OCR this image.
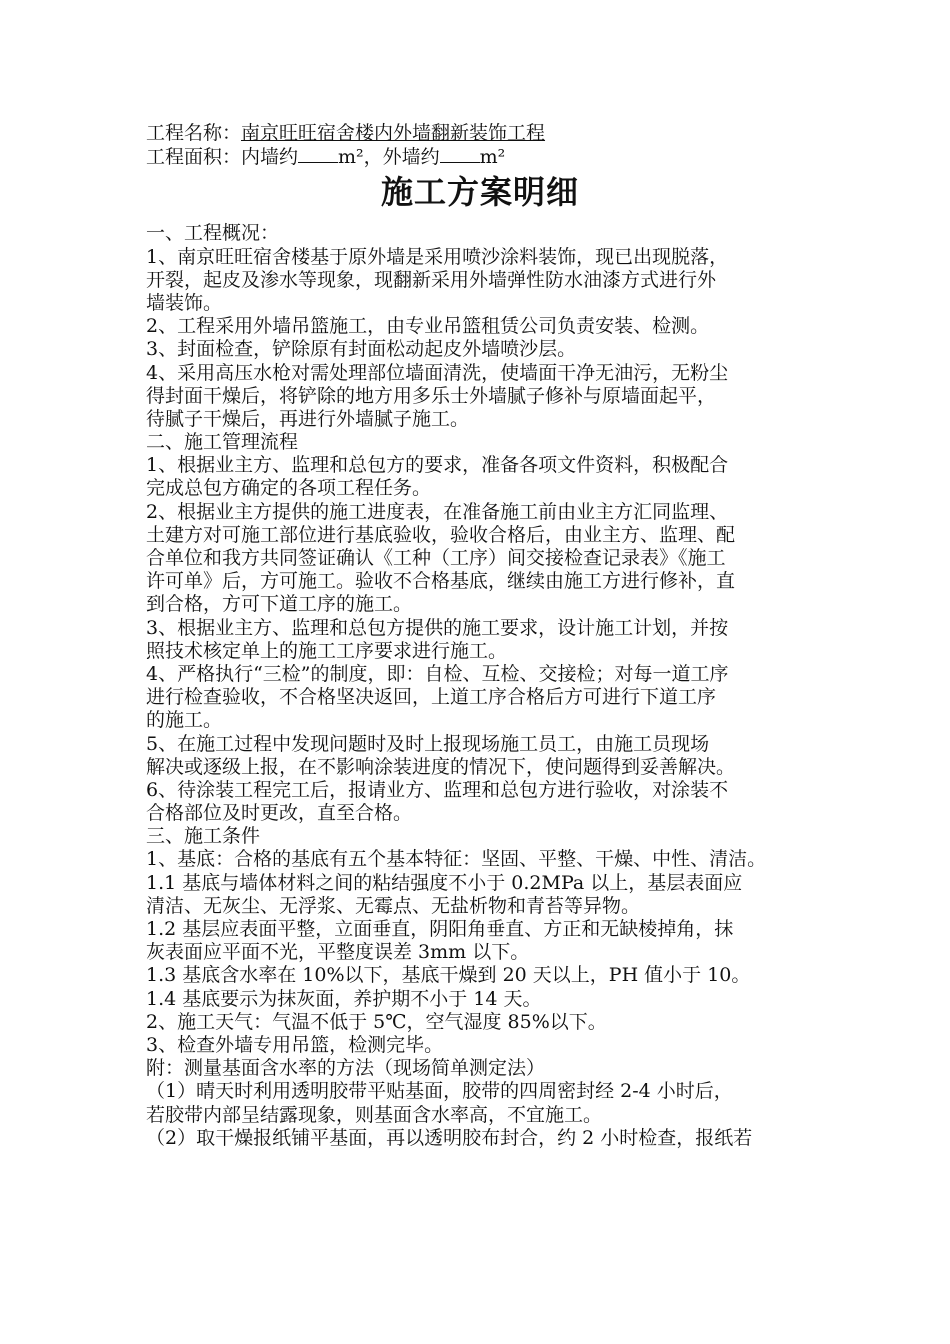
工程名称：南京旺旺宿舍楼内外墙翻新装饰工程
工程面积：内墙约 m²，外墙约 m²
施工方案明细
一、工程概况：
1、南京旺旺宿舍楼基于原外墙是采用喷沙涂料装饰，现已出现脱落，
开裂，起皮及渗水等现象，现翻新采用外墙弹性防水油漆方式进行外
墙装饰。
2、工程采用外墙吊篮施工，由专业吊篮租赁公司负责安装、检测。
3、封面检查，铲除原有封面松动起皮外墙喷沙层。
4、采用高压水枪对需处理部位墙面清洗，使墙面干净无油污，无粉尘
得封面干燥后，将铲除的地方用多乐士外墙腻子修补与原墙面起平，
待腻子干燥后，再进行外墙腻子施工。
二、施工管理流程
1、根据业主方、监理和总包方的要求，准备各项文件资料，积极配合
完成总包方确定的各项工程任务。
2、根据业主方提供的施工进度表，在准备施工前由业主方汇同监理、
土建方对可施工部位进行基底验收，验收合格后，由业主方、监理、配
合单位和我方共同签证确认《工种（工序）间交接检查记录表》《施工
许可单》后，方可施工。验收不合格基底，继续由施工方进行修补，直
到合格，方可下道工序的施工。
3、根据业主方、监理和总包方提供的施工要求，设计施工计划，并按
照技术核定单上的施工工序要求进行施工。
4、严格执行“三检”的制度，即：自检、互检、交接检；对每一道工序
进行检查验收，不合格坚决返回，上道工序合格后方可进行下道工序
的施工。
5、在施工过程中发现问题时及时上报现场施工员工，由施工员现场
解决或逐级上报，在不影响涂装进度的情况下，使问题得到妥善解决。
6、待涂装工程完工后，报请业方、监理和总包方进行验收，对涂装不
合格部位及时更改，直至合格。
三、施工条件
1、基底：合格的基底有五个基本特征：坚固、平整、干燥、中性、清洁。
1.1 基底与墙体材料之间的粘结强度不小于 0.2MPa 以上，基层表面应
清洁、无灰尘、无浮浆、无霉点、无盐析物和青苔等异物。
1.2 基层应表面平整，立面垂直，阴阳角垂直、方正和无缺棱掉角，抹
灰表面应平面不光，平整度误差 3mm 以下。
1.3 基底含水率在 10%以下，基底干燥到 20 天以上，PH 值小于 10。
1.4 基底要示为抹灰面，养护期不小于 14 天。
2、施工天气：气温不低于 5℃，空气湿度 85%以下。
3、检查外墙专用吊篮，检测完毕。
附：测量基面含水率的方法（现场简单测定法）
（1）晴天时利用透明胶带平贴基面，胶带的四周密封经 2-4 小时后，
若胶带内部呈结露现象，则基面含水率高，不宜施工。
（2）取干燥报纸铺平基面，再以透明胶布封合，约 2 小时检查，报纸若
